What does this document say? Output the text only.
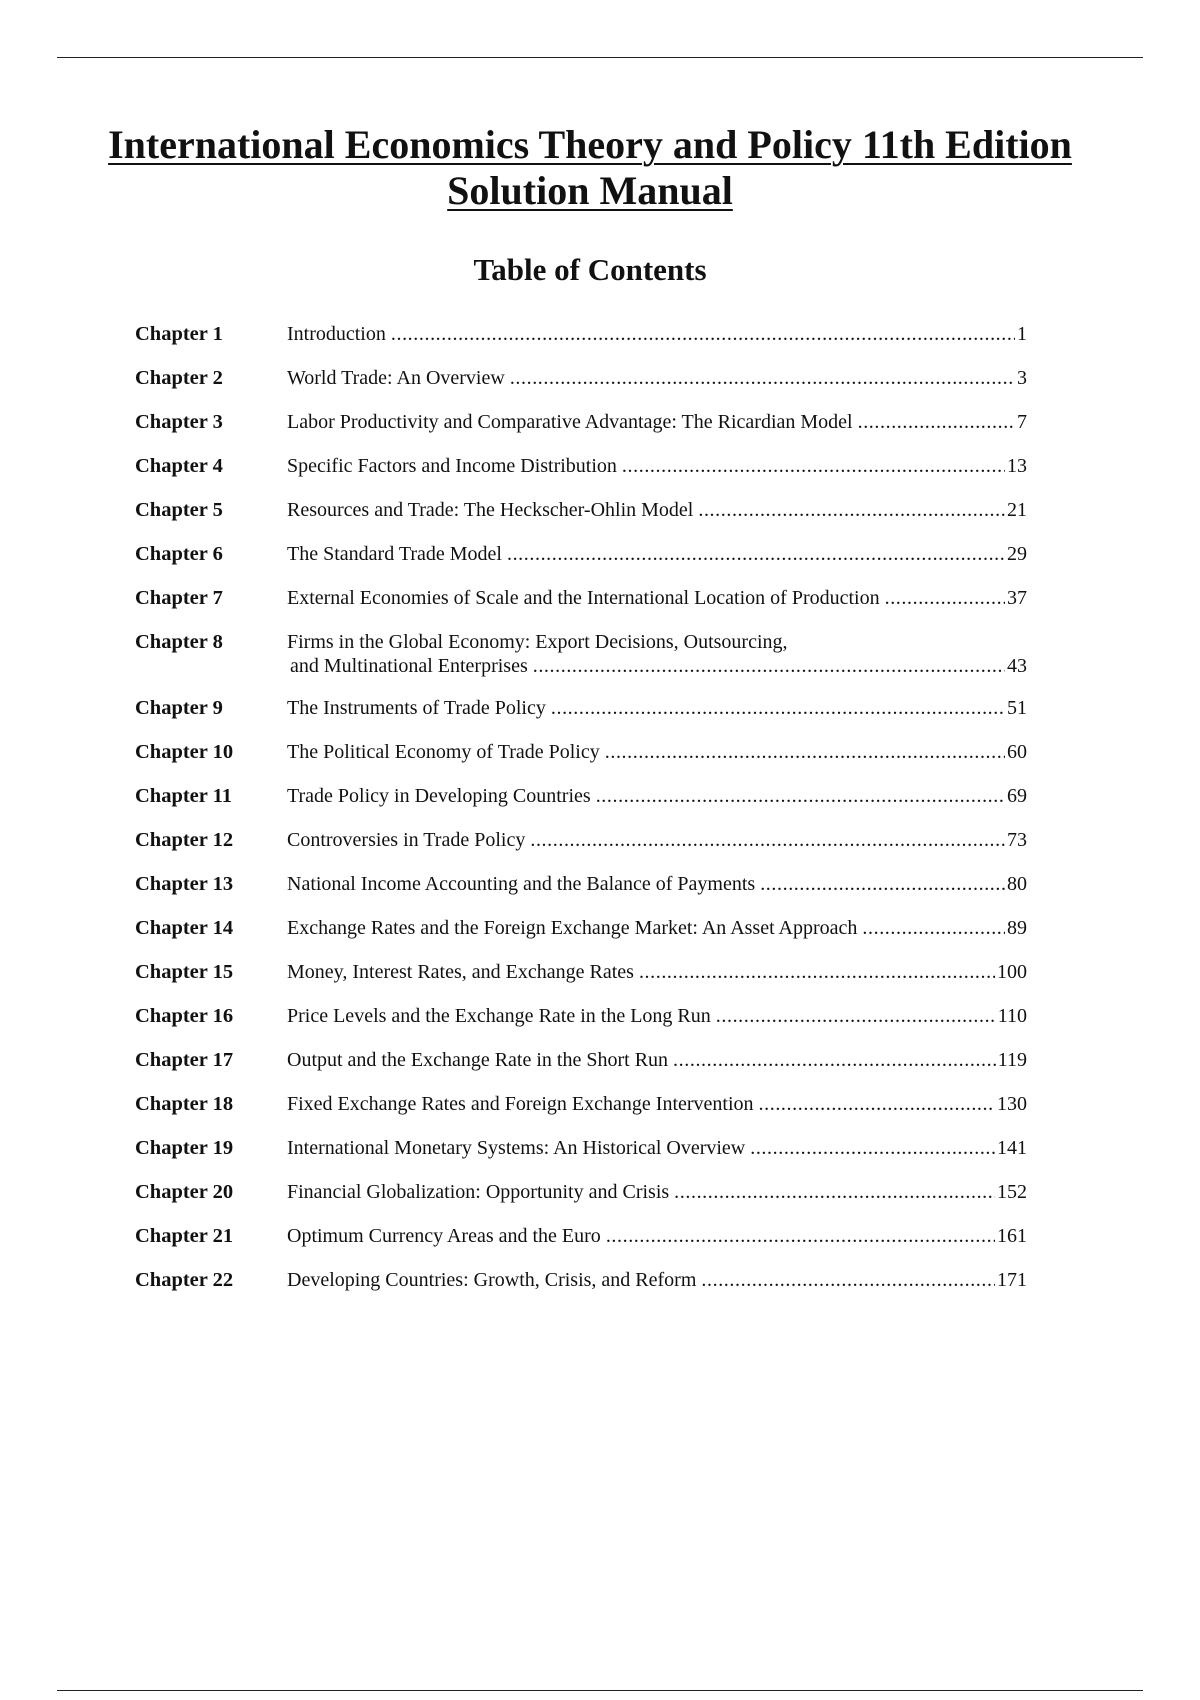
International Economics Theory and Policy 11th Edition
Solution Manual
Table of Contents
Chapter 1	Introduction .....	1
Chapter 2	World Trade: An Overview .....	3
Chapter 3	Labor Productivity and Comparative Advantage: The Ricardian Model .....	7
Chapter 4	Specific Factors and Income Distribution .....	13
Chapter 5	Resources and Trade: The Heckscher-Ohlin Model .....	21
Chapter 6	The Standard Trade Model .....	29
Chapter 7	External Economies of Scale and the International Location of Production .....	37
Chapter 8	Firms in the Global Economy: Export Decisions, Outsourcing,
and Multinational Enterprises .....	43
Chapter 9	The Instruments of Trade Policy .....	51
Chapter 10	The Political Economy of Trade Policy .....	60
Chapter 11	Trade Policy in Developing Countries .....	69
Chapter 12	Controversies in Trade Policy .....	73
Chapter 13	National Income Accounting and the Balance of Payments .....	80
Chapter 14	Exchange Rates and the Foreign Exchange Market: An Asset Approach .....	89
Chapter 15	Money, Interest Rates, and Exchange Rates .....	100
Chapter 16	Price Levels and the Exchange Rate in the Long Run .....	110
Chapter 17	Output and the Exchange Rate in the Short Run .....	119
Chapter 18	Fixed Exchange Rates and Foreign Exchange Intervention .....	130
Chapter 19	International Monetary Systems: An Historical Overview .....	141
Chapter 20	Financial Globalization: Opportunity and Crisis .....	152
Chapter 21	Optimum Currency Areas and the Euro .....	161
Chapter 22	Developing Countries: Growth, Crisis, and Reform .....	171
